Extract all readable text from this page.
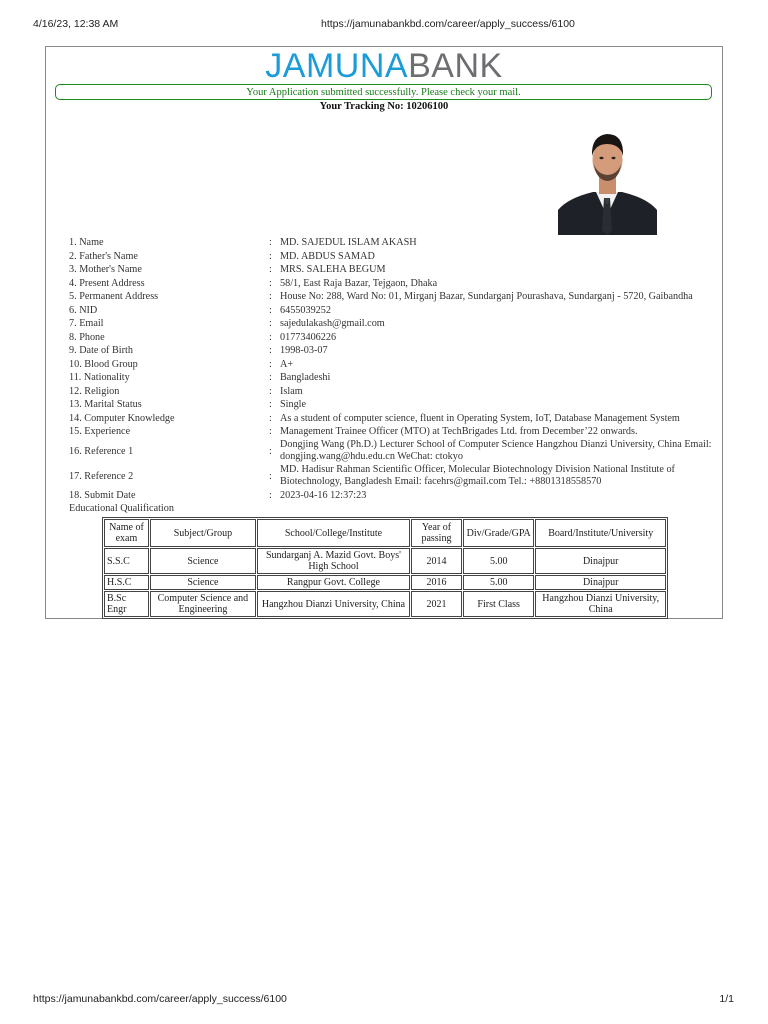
4/16/23, 12:38 AM	https://jamunabankbd.com/career/apply_success/6100
JAMUNABANK
Your Application submitted successfully. Please check your mail.
Your Tracking No: 10206100
1. Name	: MD. SAJEDUL ISLAM AKASH
2. Father's Name	: MD. ABDUS SAMAD
3. Mother's Name	: MRS. SALEHA BEGUM
4. Present Address	: 58/1, East Raja Bazar, Tejgaon, Dhaka
5. Permanent Address	: House No: 288, Ward No: 01, Mirganj Bazar, Sundarganj Pourashava, Sundarganj - 5720, Gaibandha
6. NID	: 6455039252
7. Email	: sajedulakash@gmail.com
8. Phone	: 01773406226
9. Date of Birth	: 1998-03-07
10. Blood Group	: A+
11. Nationality	: Bangladeshi
12. Religion	: Islam
13. Marital Status	: Single
14. Computer Knowledge	: As a student of computer science, fluent in Operating System, IoT, Database Management System
15. Experience	: Management Trainee Officer (MTO) at TechBrigades Ltd. from December’22 onwards.
16. Reference 1	:
Dongjing Wang (Ph.D.) Lecturer School of Computer Science Hangzhou Dianzi University, China Email: dongjing.wang@hdu.edu.cn WeChat: ctokyo
17. Reference 2	:
MD. Hadisur Rahman Scientific Officer, Molecular Biotechnology Division National Institute of Biotechnology, Bangladesh Email: facehrs@gmail.com Tel.: +8801318558570
18. Submit Date	: 2023-04-16 12:37:23
Educational Qualification
Name of exam	Subject/Group	School/College/Institute	Year of passing	Div/Grade/GPA	Board/Institute/University
S.S.C	Science	Sundarganj A. Mazid Govt. Boys' High School	2014	5.00	Dinajpur
H.S.C	Science	Rangpur Govt. College	2016	5.00	Dinajpur
B.Sc Engr	Computer Science and Engineering	Hangzhou Dianzi University, China	2021	First Class	Hangzhou Dianzi University, China
https://jamunabankbd.com/career/apply_success/6100	1/1
